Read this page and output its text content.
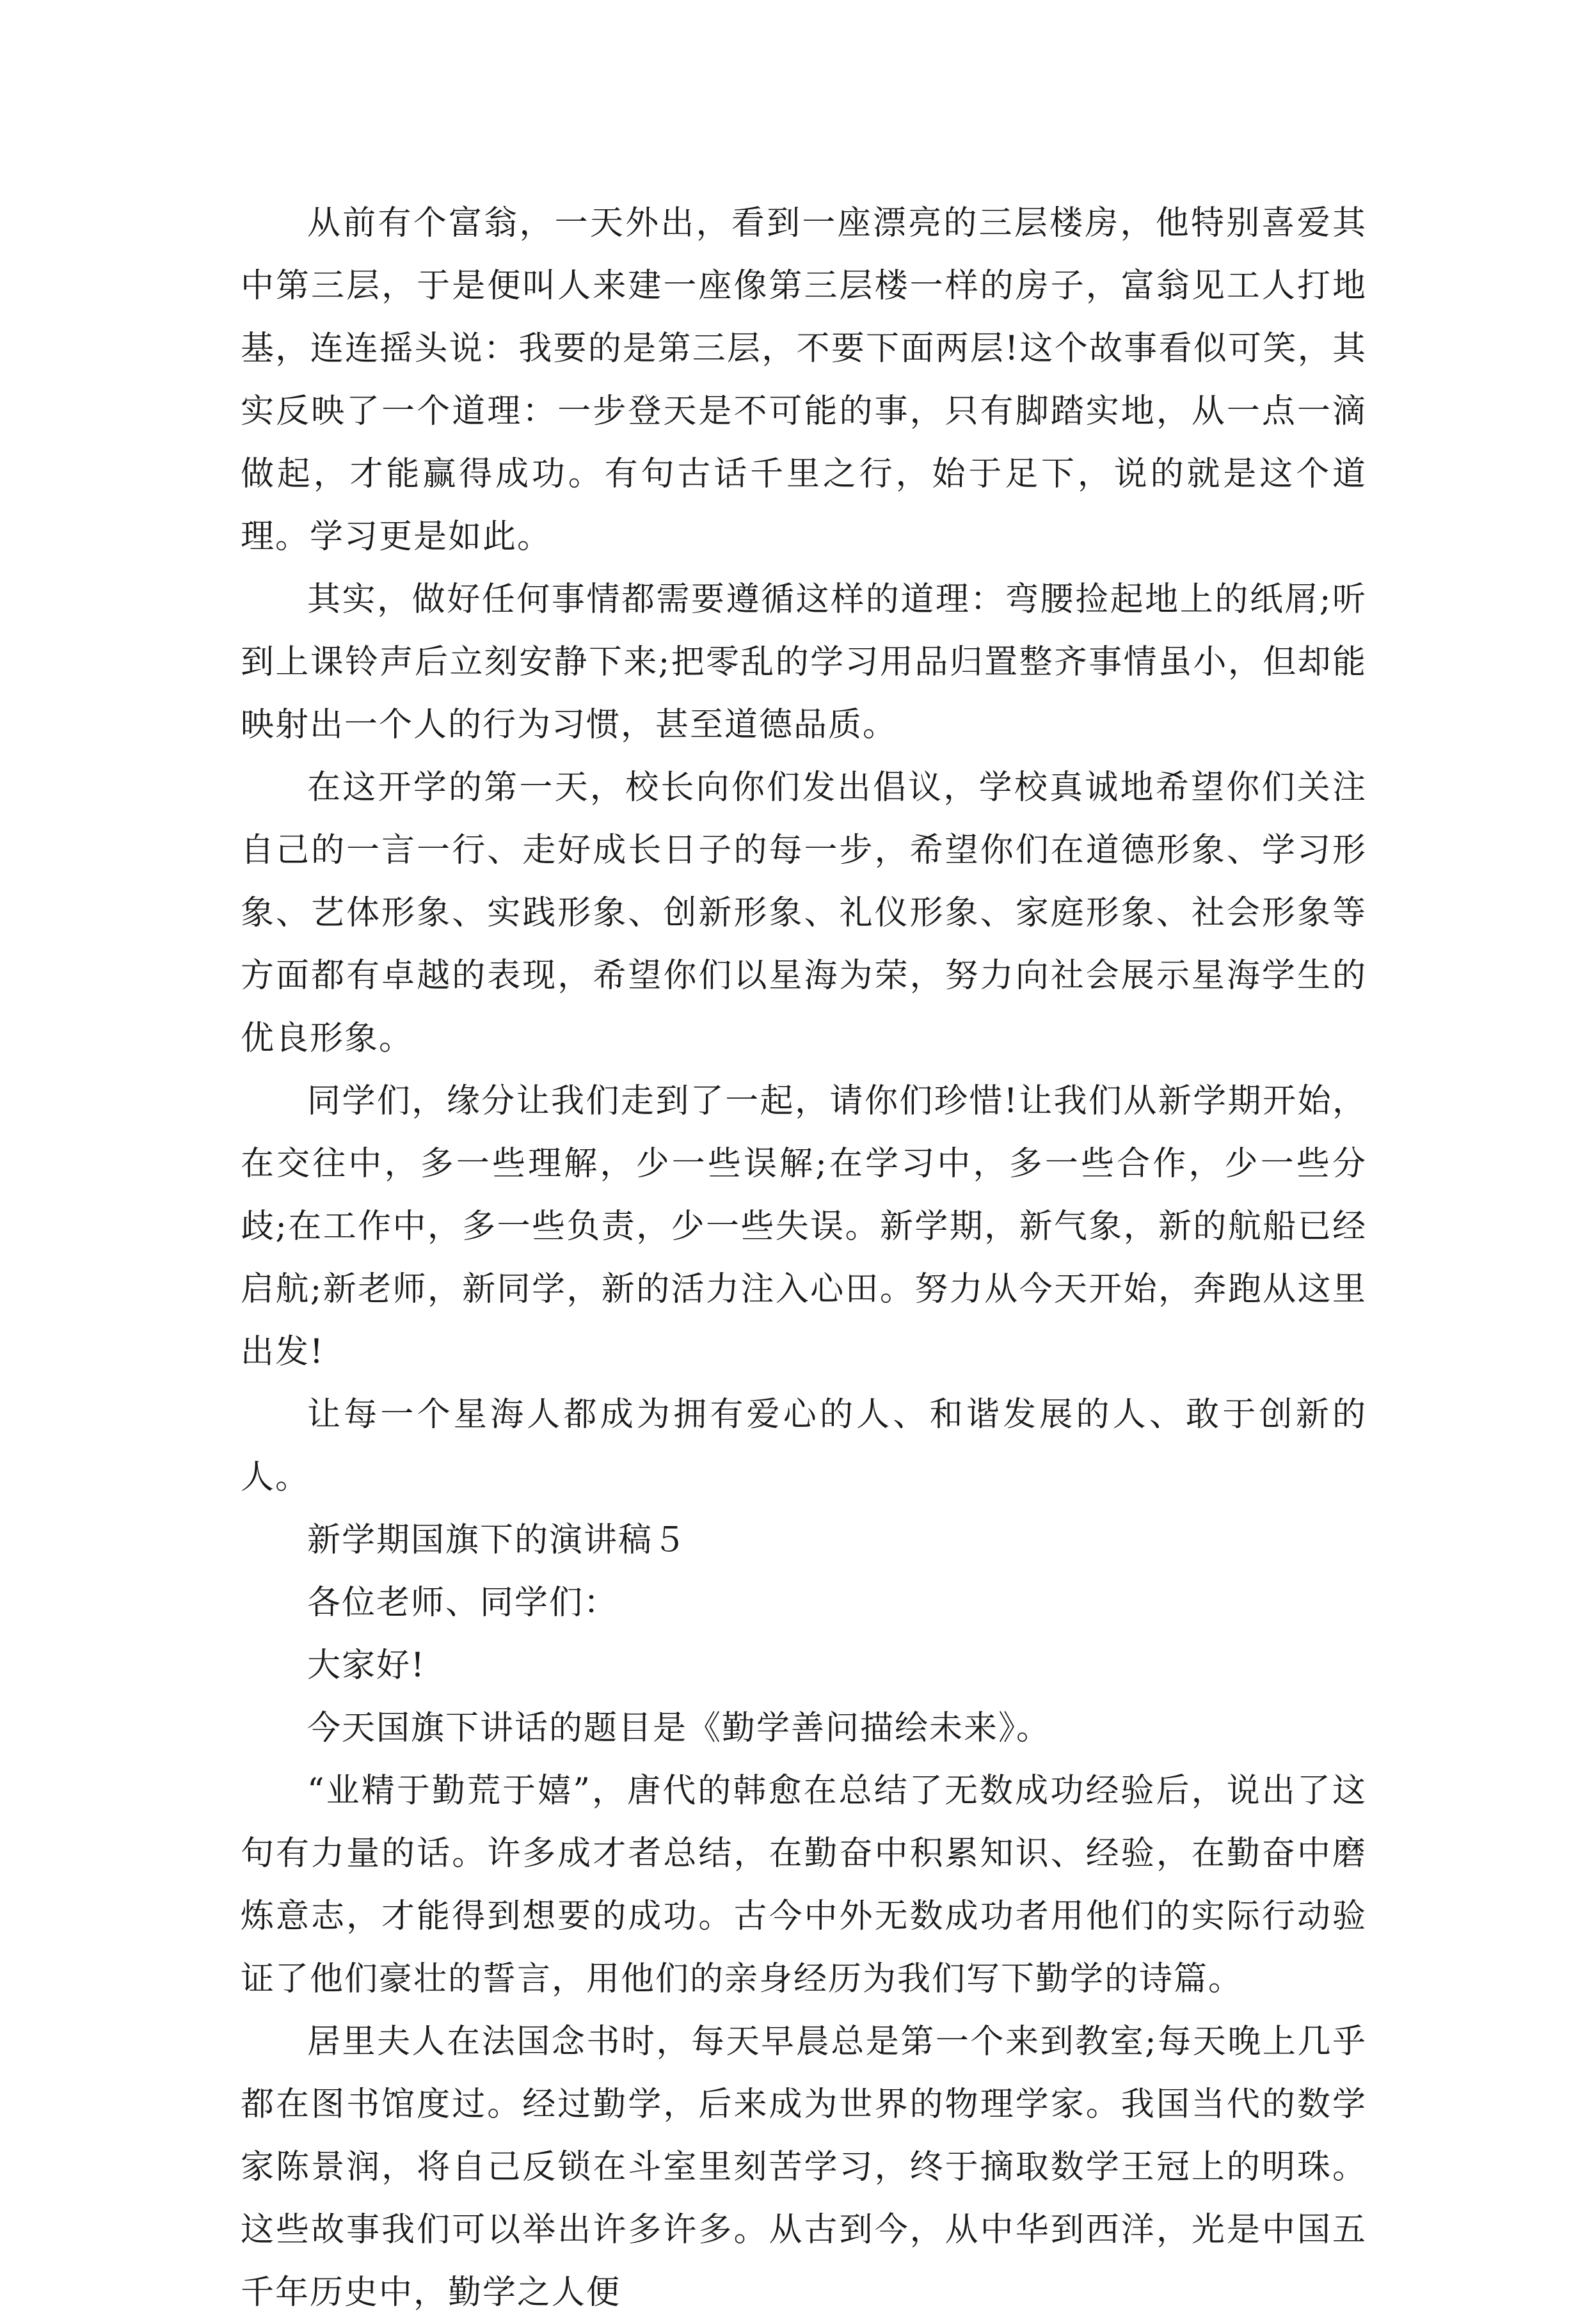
从前有个富翁，一天外出，看到一座漂亮的三层楼房，他特别喜爱其中第三层，于是便叫人来建一座像第三层楼一样的房子，富翁见工人打地基，连连摇头说：我要的是第三层，不要下面两层!这个故事看似可笑，其实反映了一个道理：一步登天是不可能的事，只有脚踏实地，从一点一滴做起，才能赢得成功。有句古话千里之行，始于足下，说的就是这个道理。学习更是如此。

其实，做好任何事情都需要遵循这样的道理：弯腰捡起地上的纸屑;听到上课铃声后立刻安静下来;把零乱的学习用品归置整齐事情虽小，但却能映射出一个人的行为习惯，甚至道德品质。

在这开学的第一天，校长向你们发出倡议，学校真诚地希望你们关注自己的一言一行、走好成长日子的每一步，希望你们在道德形象、学习形象、艺体形象、实践形象、创新形象、礼仪形象、家庭形象、社会形象等方面都有卓越的表现，希望你们以星海为荣，努力向社会展示星海学生的优良形象。

同学们，缘分让我们走到了一起，请你们珍惜!让我们从新学期开始，在交往中，多一些理解，少一些误解;在学习中，多一些合作，少一些分歧;在工作中，多一些负责，少一些失误。新学期，新气象，新的航船已经启航;新老师，新同学，新的活力注入心田。努力从今天开始，奔跑从这里出发!

让每一个星海人都成为拥有爱心的人、和谐发展的人、敢于创新的人。

新学期国旗下的演讲稿５

各位老师、同学们：

大家好!

今天国旗下讲话的题目是《勤学善问描绘未来》。

“业精于勤荒于嬉”，唐代的韩愈在总结了无数成功经验后，说出了这句有力量的话。许多成才者总结，在勤奋中积累知识、经验，在勤奋中磨炼意志，才能得到想要的成功。古今中外无数成功者用他们的实际行动验证了他们豪壮的誓言，用他们的亲身经历为我们写下勤学的诗篇。

居里夫人在法国念书时，每天早晨总是第一个来到教室;每天晚上几乎都在图书馆度过。经过勤学，后来成为世界的物理学家。我国当代的数学家陈景润，将自己反锁在斗室里刻苦学习，终于摘取数学王冠上的明珠。这些故事我们可以举出许多许多。从古到今，从中华到西洋，光是中国五千年历史中，勤学之人便
